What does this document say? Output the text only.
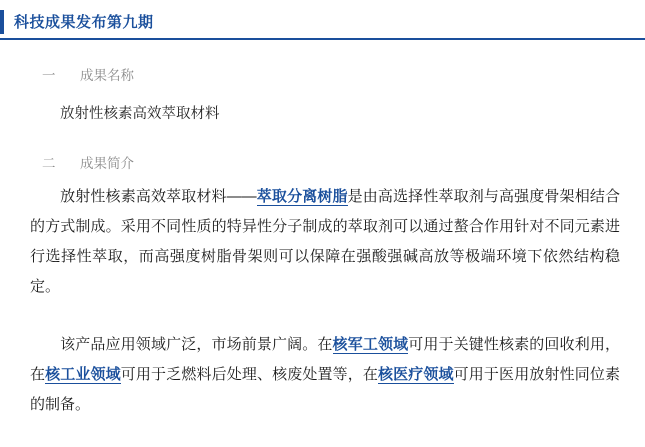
科技成果发布第九期
一 成果名称
放射性核素高效萃取材料
二 成果简介
放射性核素高效萃取材料——萃取分离树脂是由高选择性萃取剂与高强度骨架相结合的方式制成。采用不同性质的特异性分子制成的萃取剂可以通过螯合作用针对不同元素进行选择性萃取，而高强度树脂骨架则可以保障在强酸强碱高放等极端环境下依然结构稳定。
该产品应用领域广泛，市场前景广阔。在核军工领域可用于关键性核素的回收利用，在核工业领域可用于乏燃料后处理、核废处置等，在核医疗领域可用于医用放射性同位素的制备。
